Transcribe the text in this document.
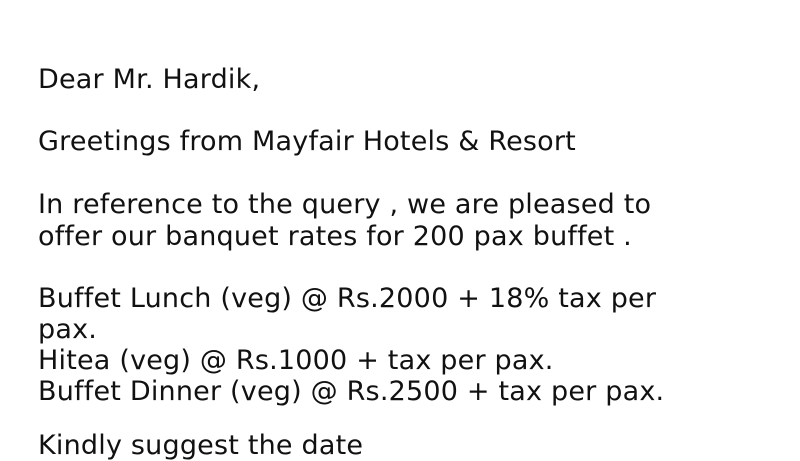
Dear Mr. Hardik,
Greetings from Mayfair Hotels & Resort
In reference to the query , we are pleased to
offer our banquet rates for 200 pax buffet .
Buffet Lunch (veg) @ Rs.2000 + 18% tax per
pax.
Hitea (veg) @ Rs.1000 + tax per pax.
Buffet Dinner (veg) @ Rs.2500 + tax per pax.
Kindly suggest the date
